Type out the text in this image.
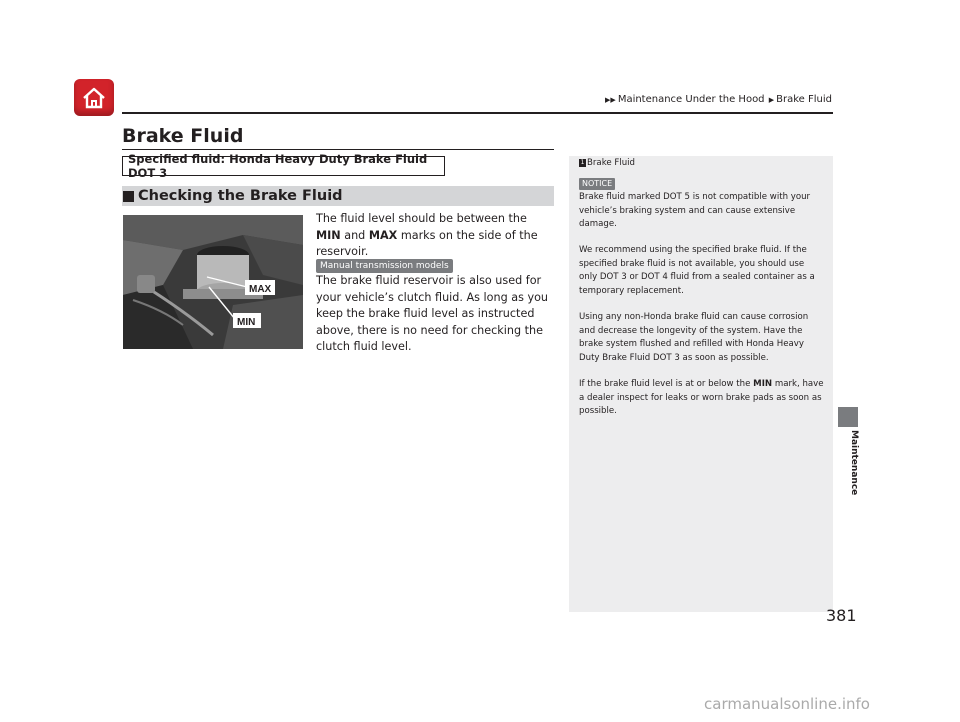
▶▶ Maintenance Under the Hood ▶ Brake Fluid
Brake Fluid
Specified fluid: Honda Heavy Duty Brake Fluid DOT 3
Checking the Brake Fluid
MAX
MIN
The fluid level should be between the MIN and MAX marks on the side of the reservoir.
Manual transmission models
The brake fluid reservoir is also used for your vehicle’s clutch fluid. As long as you keep the brake fluid level as instructed above, there is no need for checking the clutch fluid level.
1 Brake Fluid
NOTICE
Brake fluid marked DOT 5 is not compatible with your vehicle’s braking system and can cause extensive damage.
We recommend using the specified brake fluid. If the specified brake fluid is not available, you should use only DOT 3 or DOT 4 fluid from a sealed container as a temporary replacement.
Using any non-Honda brake fluid can cause corrosion and decrease the longevity of the system. Have the brake system flushed and refilled with Honda Heavy Duty Brake Fluid DOT 3 as soon as possible.
If the brake fluid level is at or below the MIN mark, have a dealer inspect for leaks or worn brake pads as soon as possible.
Maintenance
381
carmanualsonline.info
